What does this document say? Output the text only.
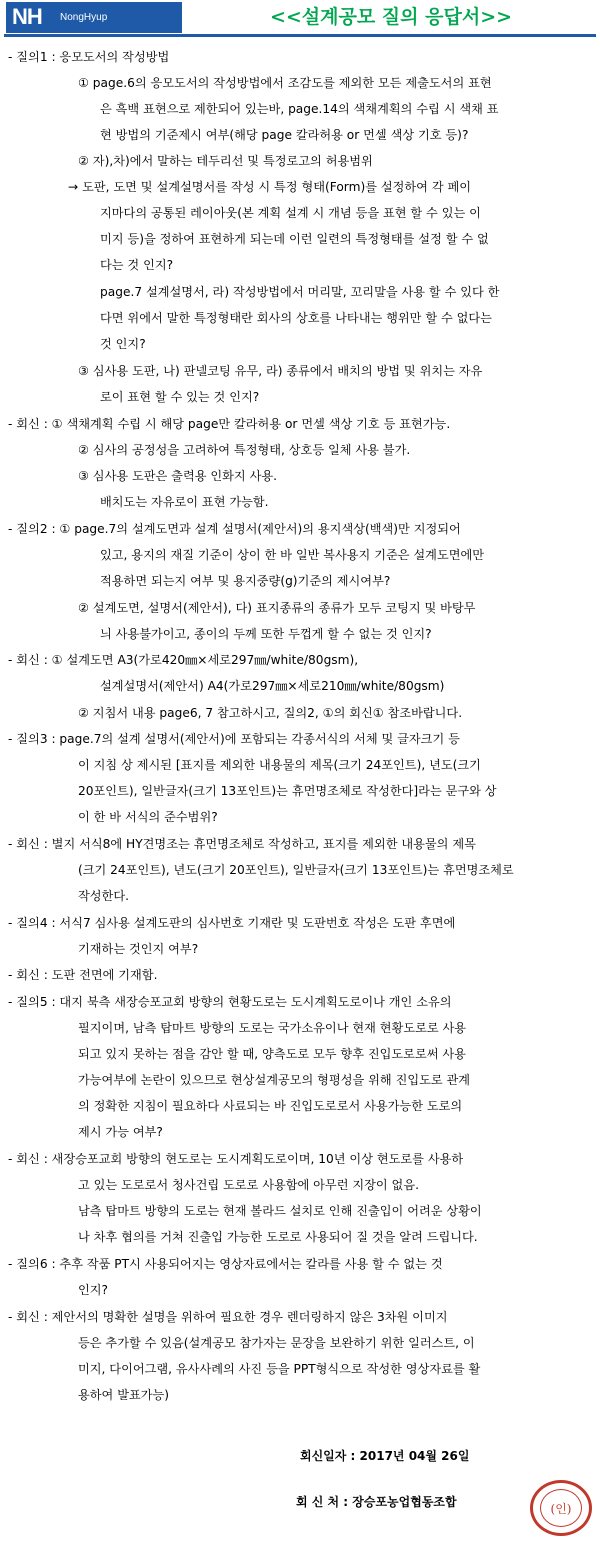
NH NongHyup	<<설계공모 질의 응답서>>
- 질의1 : 응모도서의 작성방법
① page.6의 응모도서의 작성방법에서 조감도를 제외한 모든 제출도서의 표현
은 흑백 표현으로 제한되어 있는바, page.14의 색채계획의 수립 시 색채 표
현 방법의 기준제시 여부(해당 page 칼라허용 or 먼셀 색상 기호 등)?
② 자),차)에서 말하는 테두리선 및 특정로고의 허용범위
→ 도판, 도면 및 설계설명서를 작성 시 특정 형태(Form)를 설정하여 각 페이
지마다의 공통된 레이아웃(본 계획 설계 시 개념 등을 표현 할 수 있는 이
미지 등)을 정하여 표현하게 되는데 이런 일련의 특정형태를 설정 할 수 없
다는 것 인지?
page.7 설계설명서, 라) 작성방법에서 머리말, 꼬리말을 사용 할 수 있다 한
다면 위에서 말한 특정형태란 회사의 상호를 나타내는 행위만 할 수 없다는
것 인지?
③ 심사용 도판, 나) 판넬코팅 유무, 라) 종류에서 배치의 방법 및 위치는 자유
로이 표현 할 수 있는 것 인지?
- 회신 : ① 색채계획 수립 시 해당 page만 칼라허용 or 먼셀 색상 기호 등 표현가능.
② 심사의 공정성을 고려하여 특정형태, 상호등 일체 사용 불가.
③ 심사용 도판은 출력용 인화지 사용.
배치도는 자유로이 표현 가능함.
- 질의2 : ① page.7의 설계도면과 설계 설명서(제안서)의 용지색상(백색)만 지정되어
있고, 용지의 재질 기준이 상이 한 바 일반 복사용지 기준은 설계도면에만
적용하면 되는지 여부 및 용지중량(g)기준의 제시여부?
② 설계도면, 설명서(제안서), 다) 표지종류의 종류가 모두 코팅지 및 바탕무
늬 사용불가이고, 종이의 두께 또한 두껍게 할 수 없는 것 인지?
- 회신 : ① 설계도면 A3(가로420㎜×세로297㎜/white/80gsm),
설계설명서(제안서) A4(가로297㎜×세로210㎜/white/80gsm)
② 지침서 내용 page6, 7 참고하시고, 질의2, ①의 회신① 참조바랍니다.
- 질의3 : page.7의 설계 설명서(제안서)에 포함되는 각종서식의 서체 및 글자크기 등
이 지침 상 제시된 [표지를 제외한 내용물의 제목(크기 24포인트), 년도(크기
20포인트), 일반글자(크기 13포인트)는 휴먼명조체로 작성한다]라는 문구와 상
이 한 바 서식의 준수범위?
- 회신 : 별지 서식8에 HY견명조는 휴먼명조체로 작성하고, 표지를 제외한 내용물의 제목
(크기 24포인트), 년도(크기 20포인트), 일반글자(크기 13포인트)는 휴먼명조체로
작성한다.
- 질의4 : 서식7 심사용 설계도판의 심사번호 기재란 및 도판번호 작성은 도판 후면에
기재하는 것인지 여부?
- 회신 : 도판 전면에 기재함.
- 질의5 : 대지 북측 새장승포교회 방향의 현황도로는 도시계획도로이나 개인 소유의
필지이며, 남측 탑마트 방향의 도로는 국가소유이나 현재 현황도로로 사용
되고 있지 못하는 점을 감안 할 때, 양측도로 모두 향후 진입도로로써 사용
가능여부에 논란이 있으므로 현상설계공모의 형평성을 위해 진입도로 관계
의 정확한 지침이 필요하다 사료되는 바 진입도로로서 사용가능한 도로의
제시 가능 여부?
- 회신 : 새장승포교회 방향의 현도로는 도시계획도로이며, 10년 이상 현도로를 사용하
고 있는 도로로서 청사건립 도로로 사용함에 아무런 지장이 없음.
남측 탑마트 방향의 도로는 현재 볼라드 설치로 인해 진출입이 어려운 상황이
나 차후 협의를 거쳐 진출입 가능한 도로로 사용되어 질 것을 알려 드립니다.
- 질의6 : 추후 작품 PT시 사용되어지는 영상자료에서는 칼라를 사용 할 수 없는 것
인지?
- 회신 : 제안서의 명확한 설명을 위하여 필요한 경우 렌더링하지 않은 3차원 이미지
등은 추가할 수 있음(설계공모 참가자는 문장을 보완하기 위한 일러스트, 이
미지, 다이어그램, 유사사례의 사진 등을 PPT형식으로 작성한 영상자료를 활
용하여 발표가능)
회신일자 : 2017년 04월 26일
회 신 처 : 장승포농업협동조합	(인)
